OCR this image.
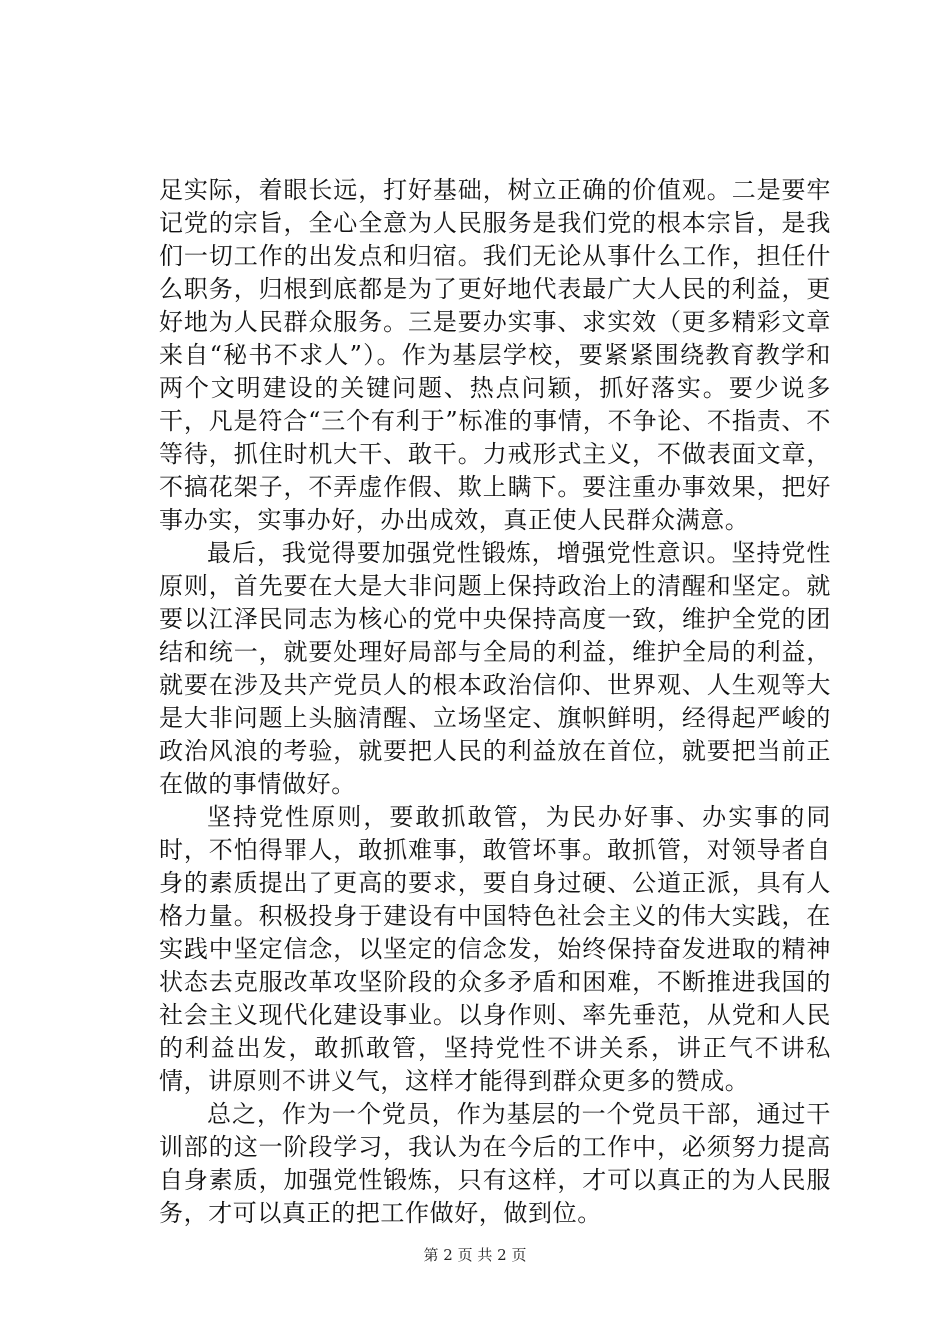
足实际，着眼长远，打好基础，树立正确的价值观。二是要牢记党的宗旨，全心全意为人民服务是我们党的根本宗旨，是我们一切工作的出发点和归宿。我们无论从事什么工作，担任什么职务，归根到底都是为了更好地代表最广大人民的利益，更好地为人民群众服务。三是要办实事、求实效（更多精彩文章来自“秘书不求人”）。作为基层学校，要紧紧围绕教育教学和两个文明建设的关键问题、热点问颖，抓好落实。要少说多干，凡是符合“三个有利于”标准的事情，不争论、不指责、不等待，抓住时机大干、敢干。力戒形式主义，不做表面文章，不搞花架子，不弄虚作假、欺上瞒下。要注重办事效果，把好事办实，实事办好，办出成效，真正使人民群众满意。

最后，我觉得要加强党性锻炼，增强党性意识。坚持党性原则，首先要在大是大非问题上保持政治上的清醒和坚定。就要以江泽民同志为核心的党中央保持高度一致，维护全党的团结和统一，就要处理好局部与全局的利益，维护全局的利益，就要在涉及共产党员人的根本政治信仰、世界观、人生观等大是大非问题上头脑清醒、立场坚定、旗帜鲜明，经得起严峻的政治风浪的考验，就要把人民的利益放在首位，就要把当前正在做的事情做好。

坚持党性原则，要敢抓敢管，为民办好事、办实事的同时，不怕得罪人，敢抓难事，敢管坏事。敢抓管，对领导者自身的素质提出了更高的要求，要自身过硬、公道正派，具有人格力量。积极投身于建设有中国特色社会主义的伟大实践，在实践中坚定信念，以坚定的信念发，始终保持奋发进取的精神状态去克服改革攻坚阶段的众多矛盾和困难，不断推进我国的社会主义现代化建设事业。以身作则、率先垂范，从党和人民的利益出发，敢抓敢管，坚持党性不讲关系，讲正气不讲私情，讲原则不讲义气，这样才能得到群众更多的赞成。

总之，作为一个党员，作为基层的一个党员干部，通过干训部的这一阶段学习，我认为在今后的工作中，必须努力提高自身素质，加强党性锻炼，只有这样，才可以真正的为人民服务，才可以真正的把工作做好，做到位。

第 2 页 共 2 页
